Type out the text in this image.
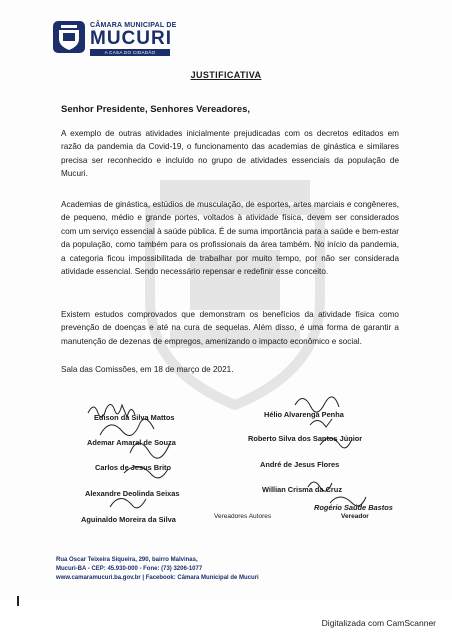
CÂMARA MUNICIPAL DE
MUCURI
A CASA DO CIDADÃO
JUSTIFICATIVA
Senhor Presidente, Senhores Vereadores,

A exemplo de outras atividades inicialmente prejudicadas com os decretos editados em razão da pandemia da Covid-19, o funcionamento das academias de ginástica e similares precisa ser reconhecido e incluído no grupo de atividades essenciais da população de Mucuri.

Academias de ginástica, estúdios de musculação, de esportes, artes marciais e congêneres, de pequeno, médio e grande portes, voltados à atividade física, devem ser considerados com um serviço essencial à saúde pública. É de suma importância para a saúde e bem-estar da população, como também para os profissionais da área também. No início da pandemia, a categoria ficou impossibilitada de trabalhar por muito tempo, por não ser considerada atividade essencial. Sendo necessário repensar e redefinir esse conceito.

Existem estudos comprovados que demonstram os benefícios da atividade física como prevenção de doenças e até na cura de sequelas. Além disso, é uma forma de garantir a manutenção de dezenas de empregos, amenizando o impacto econômico e social.

Sala das Comissões, em 18 de março de 2021.
Edison da Silva Mattos
Ademar Amaral de Souza
Carlos de Jesus Brito
Alexandre Deolinda Seixas
Aguinaldo Moreira da Silva
Hélio Alvarenga Penha
Roberto Silva dos Santos Júnior
André de Jesus Flores
Willian Crisma da Cruz
Vereadores Autores
Rogério Saúde Bastos
Vereador
Rua Oscar Teixeira Siqueira, 290, bairro Malvinas,
Mucuri-BA - CEP: 45.930-000 - Fone: (73) 3206-1077
www.camaramucuri.ba.gov.br | Facebook: Câmara Municipal de Mucuri
Digitalizada com CamScanner
